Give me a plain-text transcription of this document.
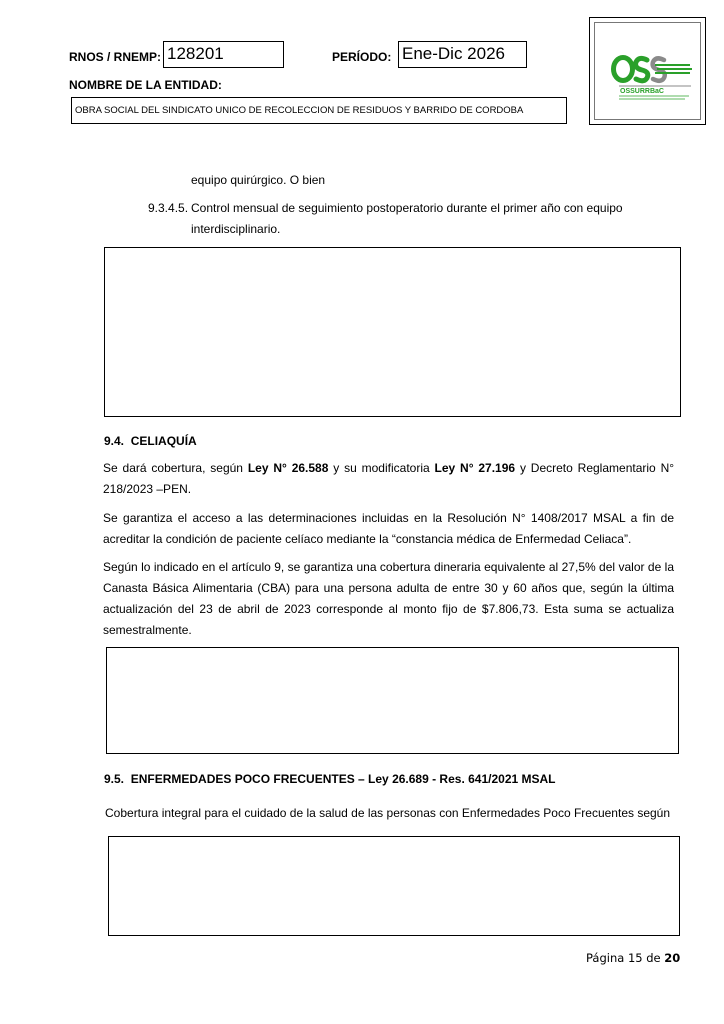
RNOS / RNEMP: 128201	PERÍODO: Ene-Dic 2026
NOMBRE DE LA ENTIDAD:
OBRA SOCIAL DEL SINDICATO UNICO DE RECOLECCION DE RESIDUOS Y BARRIDO DE CORDOBA
OSSURRBaC
equipo quirúrgico. O bien
9.3.4.5. Control mensual de seguimiento postoperatorio durante el primer año con equipo
interdisciplinario.
9.4. CELIAQUÍA
Se dará cobertura, según Ley N° 26.588 y su modificatoria Ley N° 27.196 y Decreto Reglamentario N° 218/2023 –PEN.
Se garantiza el acceso a las determinaciones incluidas en la Resolución N° 1408/2017 MSAL a fin de acreditar la condición de paciente celíaco mediante la “constancia médica de Enfermedad Celiaca”.
Según lo indicado en el artículo 9, se garantiza una cobertura dineraria equivalente al 27,5% del valor de la Canasta Básica Alimentaria (CBA) para una persona adulta de entre 30 y 60 años que, según la última actualización del 23 de abril de 2023 corresponde al monto fijo de $7.806,73. Esta suma se actualiza semestralmente.
9.5. ENFERMEDADES POCO FRECUENTES – Ley 26.689 - Res. 641/2021 MSAL
Cobertura integral para el cuidado de la salud de las personas con Enfermedades Poco Frecuentes según
Página 15 de 20
